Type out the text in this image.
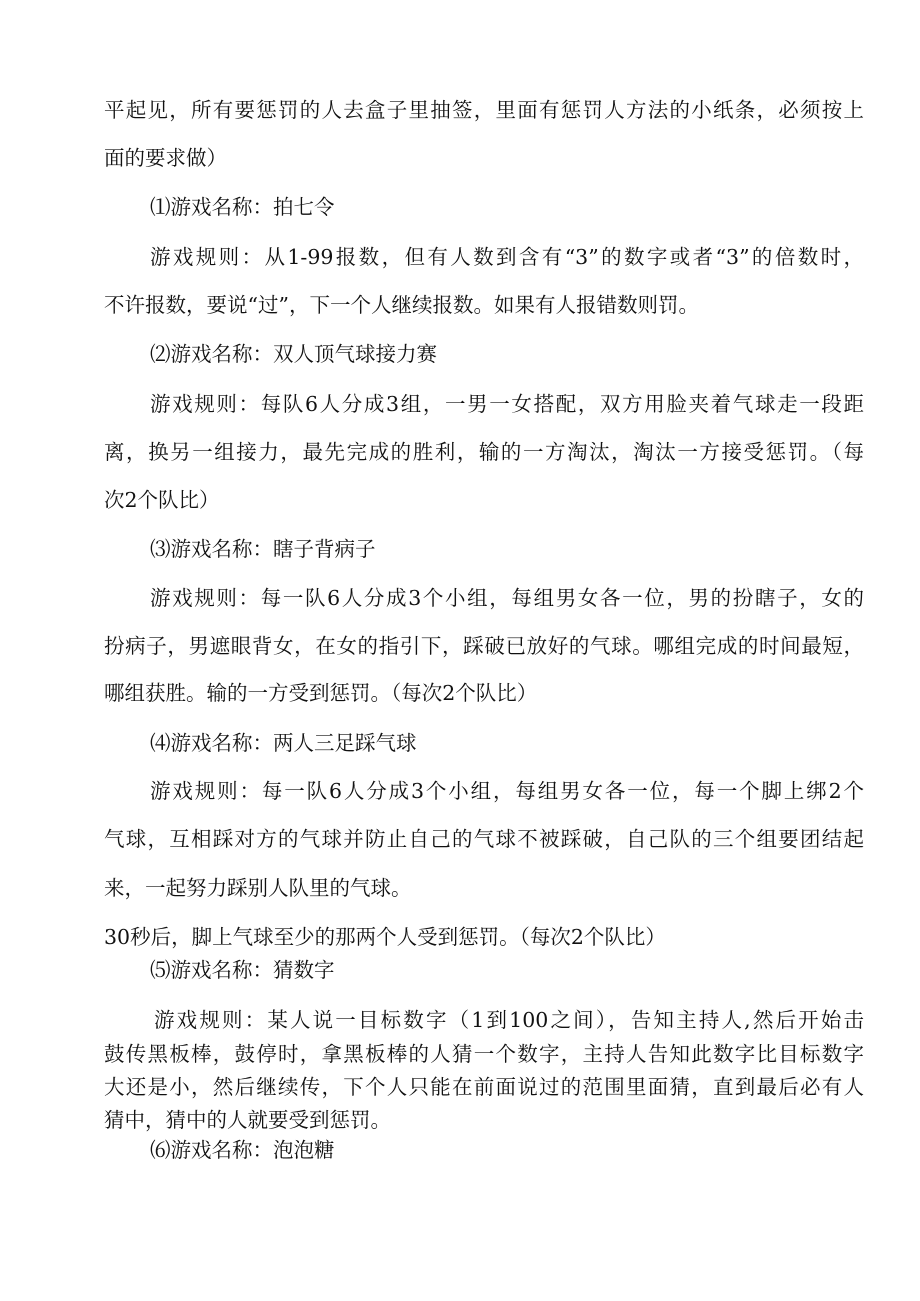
平起见，所有要惩罚的人去盒子里抽签，里面有惩罚人方法的小纸条，必须按上
面的要求做）
⑴游戏名称：拍七令
游戏规则：从1-99报数，但有人数到含有“3”的数字或者“3”的倍数时，
不许报数，要说“过”，下一个人继续报数。如果有人报错数则罚。
⑵游戏名称：双人顶气球接力赛
游戏规则：每队6人分成3组，一男一女搭配，双方用脸夹着气球走一段距
离，换另一组接力，最先完成的胜利，输的一方淘汰，淘汰一方接受惩罚。（每
次2个队比）
⑶游戏名称：瞎子背病子
游戏规则：每一队6人分成3个小组，每组男女各一位，男的扮瞎子，女的
扮病子，男遮眼背女，在女的指引下，踩破已放好的气球。哪组完成的时间最短，
哪组获胜。输的一方受到惩罚。（每次2个队比）
⑷游戏名称：两人三足踩气球
游戏规则：每一队6人分成3个小组，每组男女各一位，每一个脚上绑2个
气球，互相踩对方的气球并防止自己的气球不被踩破，自己队的三个组要团结起
来，一起努力踩别人队里的气球。
30秒后，脚上气球至少的那两个人受到惩罚。（每次2个队比）
⑸游戏名称：猜数字
游戏规则：某人说一目标数字（1到100之间），告知主持人,然后开始击
鼓传黑板棒，鼓停时，拿黑板棒的人猜一个数字，主持人告知此数字比目标数字
大还是小，然后继续传，下个人只能在前面说过的范围里面猜，直到最后必有人
猜中，猜中的人就要受到惩罚。
⑹游戏名称：泡泡糖
